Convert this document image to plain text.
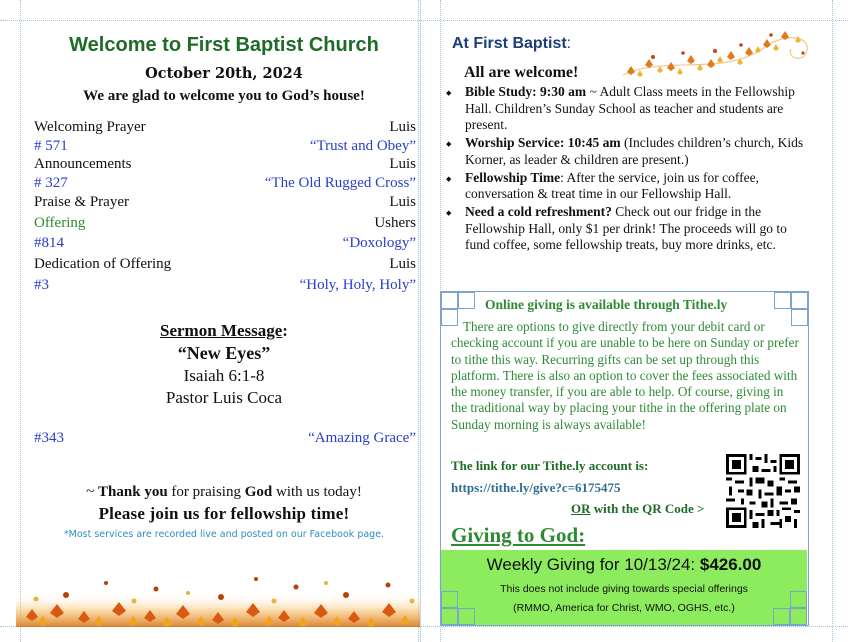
Welcome to First Baptist Church
October 20th, 2024
We are glad to welcome you to God’s house!
Welcoming Prayer	Luis
# 571	“Trust and Obey”
Announcements	Luis
# 327	“The Old Rugged Cross”
Praise & Prayer	Luis
Offering	Ushers
#814	“Doxology”
Dedication of Offering	Luis
#3	“Holy, Holy, Holy”
Sermon Message:
“New Eyes”
Isaiah 6:1-8
Pastor Luis Coca
#343	“Amazing Grace”
~ Thank you for praising God with us today!
Please join us for fellowship time!
*Most services are recorded live and posted on our Facebook page.
At First Baptist:
All are welcome!
◆ Bible Study: 9:30 am ~ Adult Class meets in the Fellowship Hall. Children’s Sunday School as teacher and students are present.
◆ Worship Service: 10:45 am (Includes children’s church, Kids Korner, as leader & children are present.)
◆ Fellowship Time: After the service, join us for coffee, conversation & treat time in our Fellowship Hall.
◆ Need a cold refreshment? Check out our fridge in the Fellowship Hall, only $1 per drink! The proceeds will go to fund coffee, some fellowship treats, buy more drinks, etc.
Online giving is available through Tithe.ly
There are options to give directly from your debit card or checking account if you are unable to be here on Sunday or prefer to tithe this way. Recurring gifts can be set up through this platform. There is also an option to cover the fees associated with the money transfer, if you are able to help. Of course, giving in the traditional way by placing your tithe in the offering plate on Sunday morning is always available!
The link for our Tithe.ly account is:
https://tithe.ly/give?c=6175475
OR with the QR Code >
Giving to God:
Weekly Giving for 10/13/24: $426.00
This does not include giving towards special offerings
(RMMO, America for Christ, WMO, OGHS, etc.)
